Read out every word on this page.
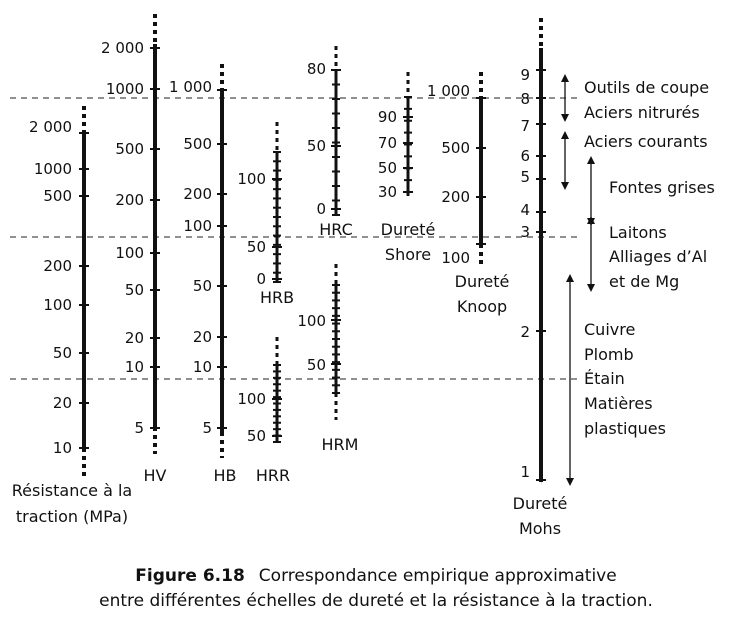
2 000
1000
500
200
100
50
20
10
Résistance à la
traction (MPa)
2 000
1000
500
200
100
50
20
10
5
HV
1 000
500
200
100
50
20
10
5
HB
100
50
0
HRB
100
50
HRR
80
50
0
HRC
100
50
HRM
90
70
50
30
Dureté
Shore
1 000
500
200
100
Dureté
Knoop
9
8
7
6
5
4
3
2
1
Dureté
Mohs
Outils de coupe
Aciers nitrurés
Aciers courants
Fontes grises
Laitons
Alliages d’Al
et de Mg
Cuivre
Plomb
Étain
Matières
plastiques
Figure 6.18 Correspondance empirique approximative
entre différentes échelles de dureté et la résistance à la traction.
